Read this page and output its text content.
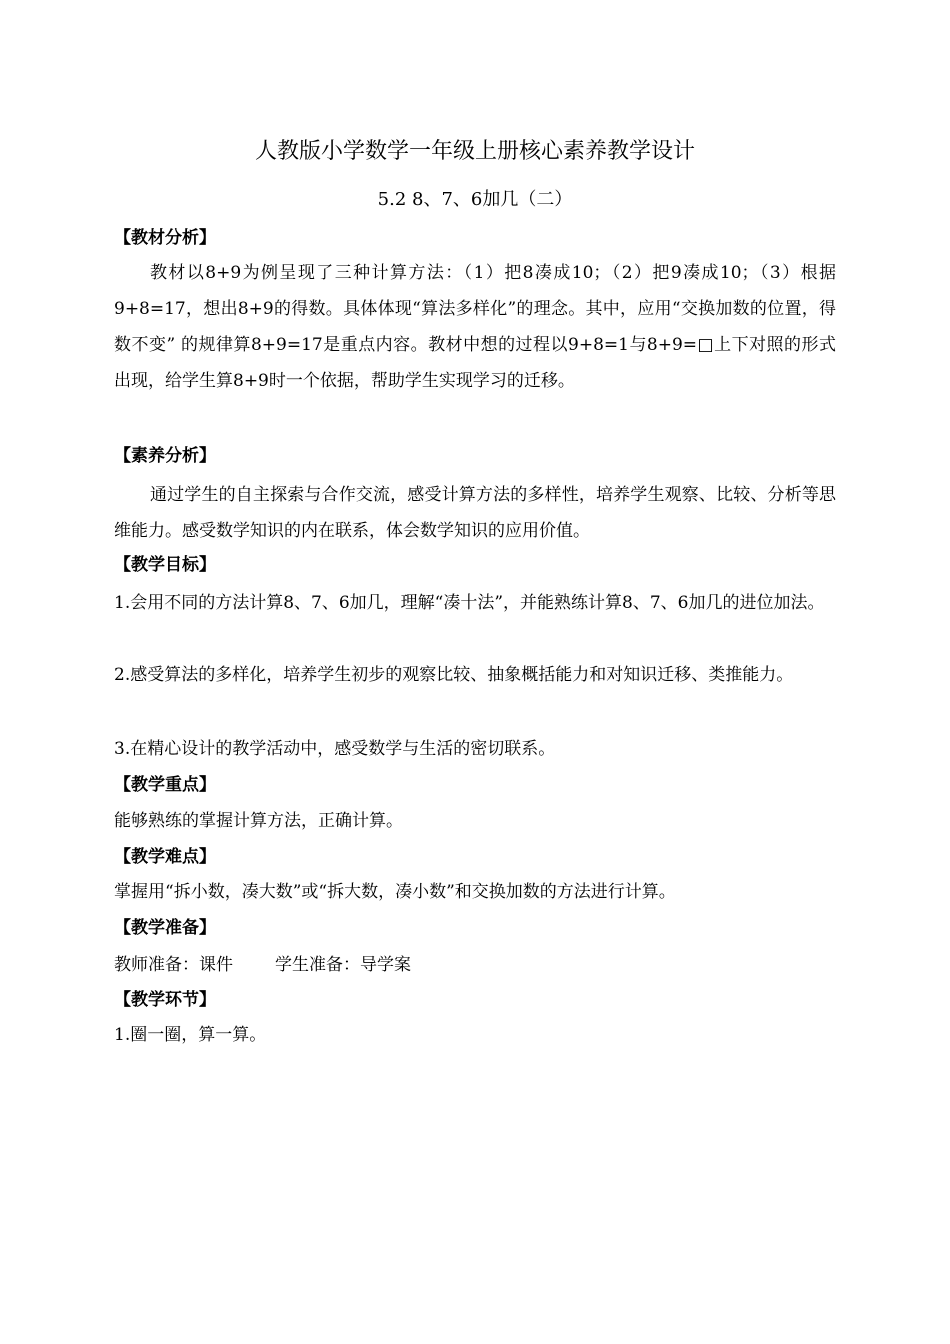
人教版小学数学一年级上册核心素养教学设计
5.2 8、7、6加几（二）
【教材分析】
教材以8+9为例呈现了三种计算方法：（1）把8凑成10；（2）把9凑成10；（3）根据9+8=17，想出8+9的得数。具体体现“算法多样化”的理念。其中，应用“交换加数的位置，得数不变” 的规律算8+9=17是重点内容。教材中想的过程以9+8=1与8+9=□上下对照的形式出现，给学生算8+9时一个依据，帮助学生实现学习的迁移。
【素养分析】
通过学生的自主探索与合作交流，感受计算方法的多样性，培养学生观察、比较、分析等思维能力。感受数学知识的内在联系，体会数学知识的应用价值。
【教学目标】
1.会用不同的方法计算8、7、6加几，理解“凑十法”，并能熟练计算8、7、6加几的进位加法。
2.感受算法的多样化，培养学生初步的观察比较、抽象概括能力和对知识迁移、类推能力。
3.在精心设计的教学活动中，感受数学与生活的密切联系。
【教学重点】
能够熟练的掌握计算方法，正确计算。
【教学难点】
掌握用“拆小数，凑大数”或“拆大数，凑小数”和交换加数的方法进行计算。
【教学准备】
教师准备：课件 学生准备：导学案
【教学环节】
1.圈一圈，算一算。
